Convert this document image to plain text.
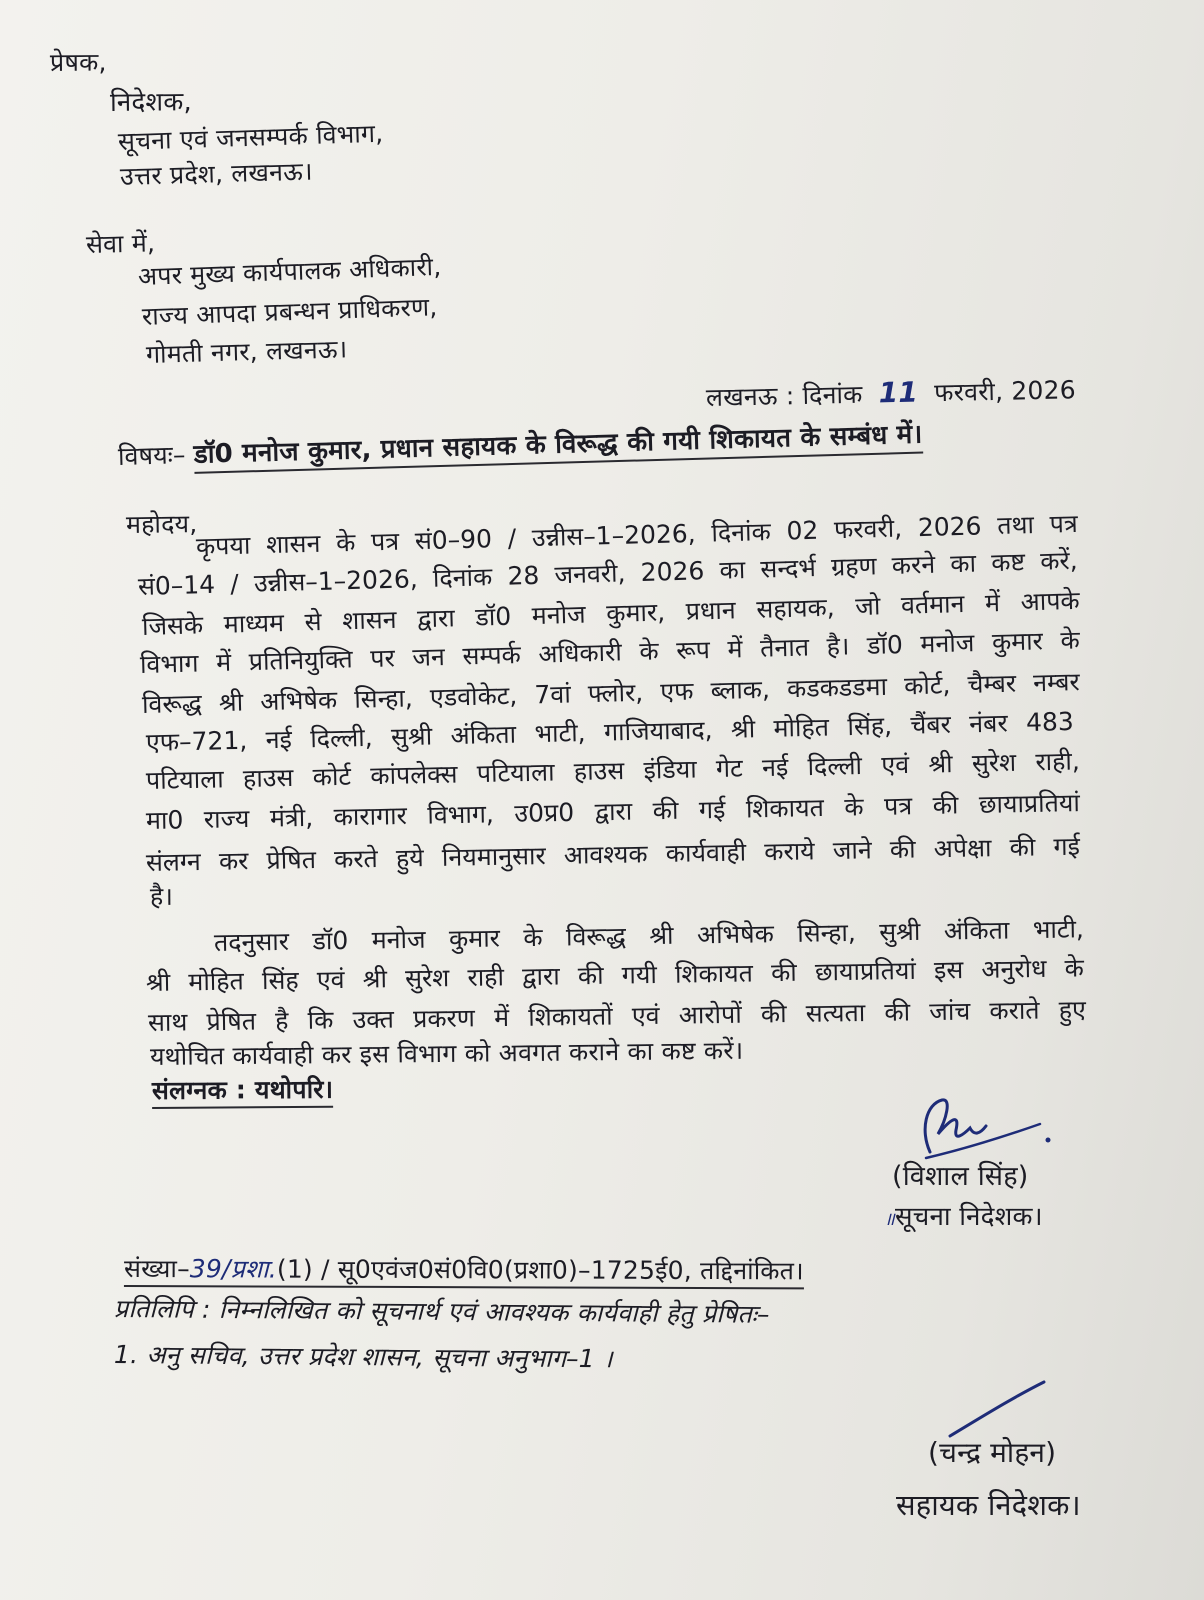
प्रेषक,
निदेशक,
सूचना एवं जनसम्पर्क विभाग,
उत्तर प्रदेश, लखनऊ।
सेवा में,
अपर मुख्य कार्यपालक अधिकारी,
राज्य आपदा प्रबन्धन प्राधिकरण,
गोमती नगर, लखनऊ।
लखनऊ : दिनांक 11 फरवरी, 2026
विषयः– डॉ0 मनोज कुमार, प्रधान सहायक के विरूद्ध की गयी शिकायत के सम्बंध में।
महोदय,
कृपया शासन के पत्र सं0–90 / उन्नीस–1–2026, दिनांक 02 फरवरी, 2026 तथा पत्र
सं0–14 / उन्नीस–1–2026, दिनांक 28 जनवरी, 2026 का सन्दर्भ ग्रहण करने का कष्ट करें,
जिसके माध्यम से शासन द्वारा डॉ0 मनोज कुमार, प्रधान सहायक, जो वर्तमान में आपके
विभाग में प्रतिनियुक्ति पर जन सम्पर्क अधिकारी के रूप में तैनात है। डॉ0 मनोज कुमार के
विरूद्ध श्री अभिषेक सिन्हा, एडवोकेट, 7वां फ्लोर, एफ ब्लाक, कडकडडमा कोर्ट, चैम्बर नम्बर
एफ–721, नई दिल्ली, सुश्री अंकिता भाटी, गाजियाबाद, श्री मोहित सिंह, चैंबर नंबर 483
पटियाला हाउस कोर्ट कांपलेक्स पटियाला हाउस इंडिया गेट नई दिल्ली एवं श्री सुरेश राही,
मा0 राज्य मंत्री, कारागार विभाग, उ0प्र0 द्वारा की गई शिकायत के पत्र की छायाप्रतियां
संलग्न कर प्रेषित करते हुये नियमानुसार आवश्यक कार्यवाही कराये जाने की अपेक्षा की गई
है।
तदनुसार डॉ0 मनोज कुमार के विरूद्ध श्री अभिषेक सिन्हा, सुश्री अंकिता भाटी,
श्री मोहित सिंह एवं श्री सुरेश राही द्वारा की गयी शिकायत की छायाप्रतियां इस अनुरोध के
साथ प्रेषित है कि उक्त प्रकरण में शिकायतों एवं आरोपों की सत्यता की जांच कराते हुए
यथोचित कार्यवाही कर इस विभाग को अवगत कराने का कष्ट करें।
संलग्नक : यथोपरि।
(विशाल सिंह)
॥सूचना निदेशक।
संख्या–39/प्रशा.(1) / सू0एवंज0सं0वि0(प्रशा0)–1725ई0, तद्दिनांकित।
प्रतिलिपि : निम्नलिखित को सूचनार्थ एवं आवश्यक कार्यवाही हेतु प्रेषितः–
1. अनु सचिव, उत्तर प्रदेश शासन, सूचना अनुभाग–1 ।
(चन्द्र मोहन)
सहायक निदेशक।
